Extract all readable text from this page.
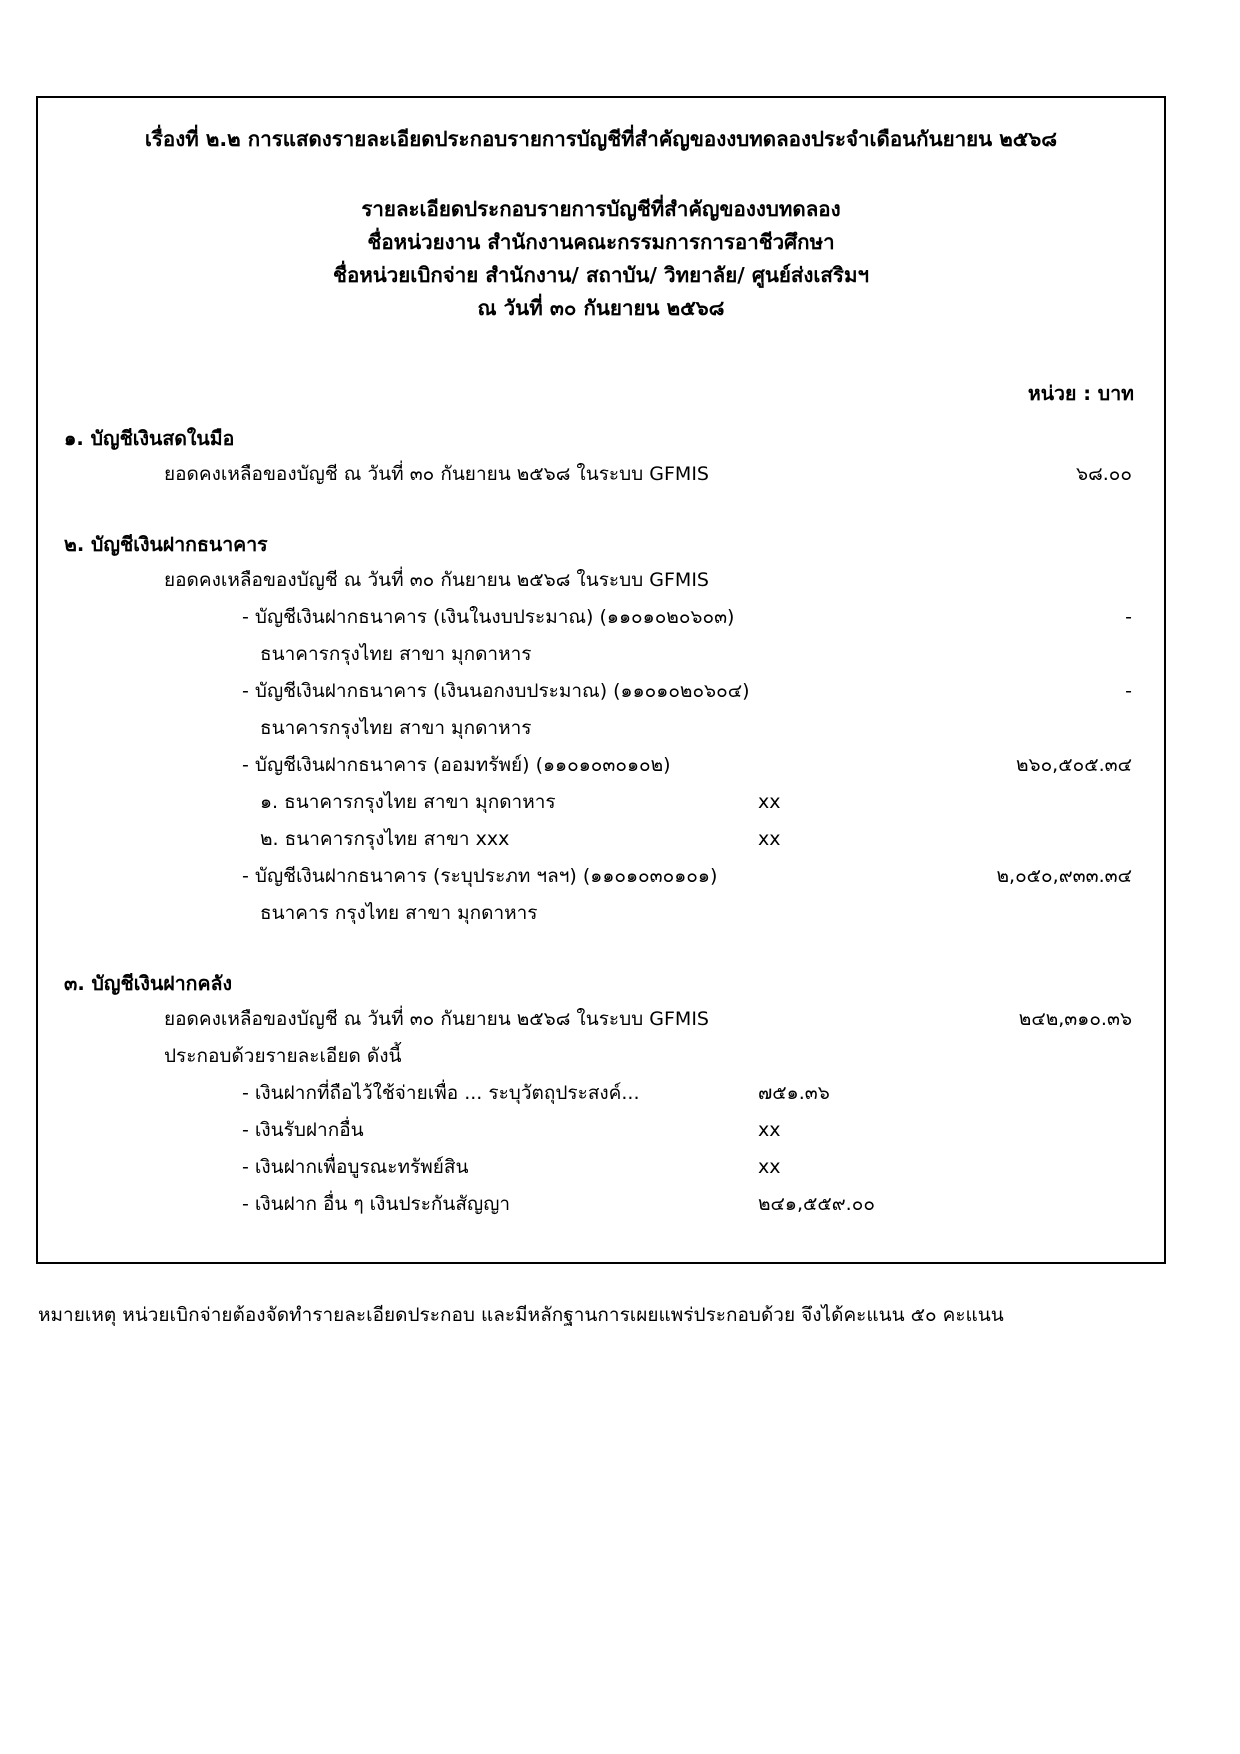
เรื่องที่ ๒.๒ การแสดงรายละเอียดประกอบรายการบัญชีที่สำคัญของงบทดลองประจำเดือนกันยายน ๒๕๖๘
รายละเอียดประกอบรายการบัญชีที่สำคัญของงบทดลอง
ชื่อหน่วยงาน สำนักงานคณะกรรมการการอาชีวศึกษา
ชื่อหน่วยเบิกจ่าย สำนักงาน/ สถาบัน/ วิทยาลัย/ ศูนย์ส่งเสริมฯ
ณ วันที่ ๓๐ กันยายน ๒๕๖๘
หน่วย : บาท
๑. บัญชีเงินสดในมือ
ยอดคงเหลือของบัญชี ณ วันที่ ๓๐ กันยายน ๒๕๖๘ ในระบบ GFMIS	๖๘.๐๐
๒. บัญชีเงินฝากธนาคาร
ยอดคงเหลือของบัญชี ณ วันที่ ๓๐ กันยายน ๒๕๖๘ ในระบบ GFMIS
- บัญชีเงินฝากธนาคาร (เงินในงบประมาณ) (๑๑๐๑๐๒๐๖๐๓)	-
ธนาคารกรุงไทย สาขา มุกดาหาร
- บัญชีเงินฝากธนาคาร (เงินนอกงบประมาณ) (๑๑๐๑๐๒๐๖๐๔)	-
ธนาคารกรุงไทย สาขา มุกดาหาร
- บัญชีเงินฝากธนาคาร (ออมทรัพย์) (๑๑๐๑๐๓๐๑๐๒)	๒๖๐,๕๐๕.๓๔
๑. ธนาคารกรุงไทย สาขา มุกดาหาร	xx
๒. ธนาคารกรุงไทย สาขา xxx	xx
- บัญชีเงินฝากธนาคาร (ระบุประภท ฯลฯ) (๑๑๐๑๐๓๐๑๐๑)	๒,๐๕๐,๙๓๓.๓๔
ธนาคาร กรุงไทย สาขา มุกดาหาร
๓. บัญชีเงินฝากคลัง
ยอดคงเหลือของบัญชี ณ วันที่ ๓๐ กันยายน ๒๕๖๘ ในระบบ GFMIS	๒๔๒,๓๑๐.๓๖
ประกอบด้วยรายละเอียด ดังนี้
- เงินฝากที่ถือไว้ใช้จ่ายเพื่อ ... ระบุวัตถุประสงค์...	๗๕๑.๓๖
- เงินรับฝากอื่น	xx
- เงินฝากเพื่อบูรณะทรัพย์สิน	xx
- เงินฝาก อื่น ๆ เงินประกันสัญญา	๒๔๑,๕๕๙.๐๐
หมายเหตุ หน่วยเบิกจ่ายต้องจัดทำรายละเอียดประกอบ และมีหลักฐานการเผยแพร่ประกอบด้วย จึงได้คะแนน ๕๐ คะแนน
